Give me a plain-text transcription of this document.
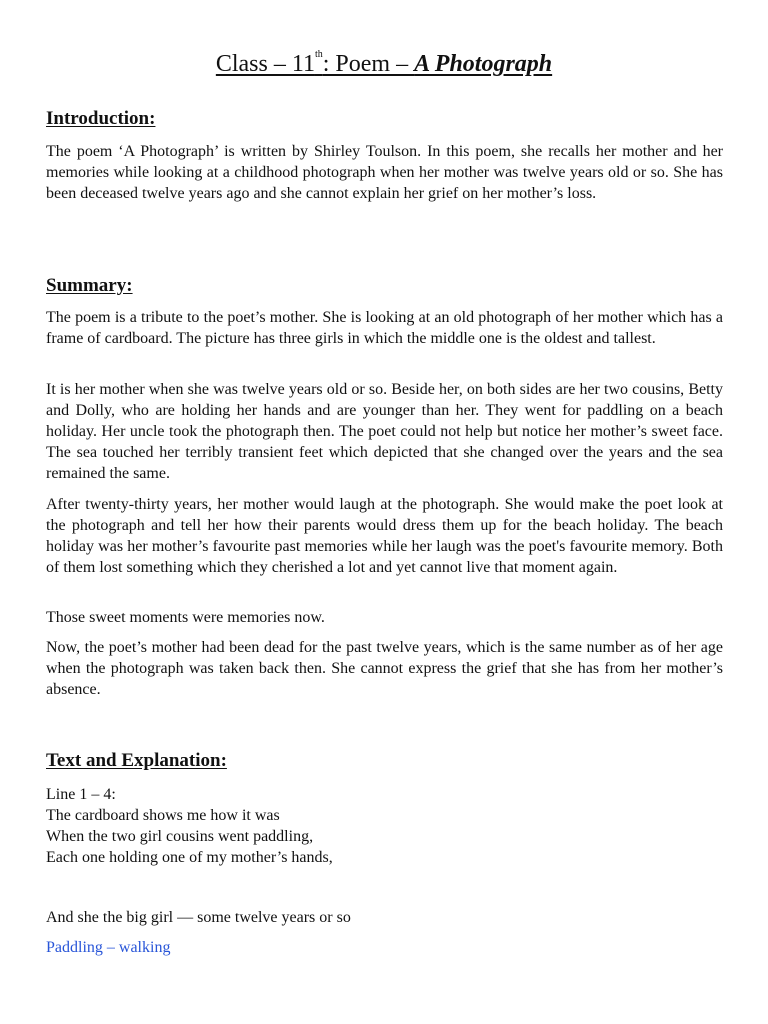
Class – 11th: Poem – A Photograph
Introduction:
The poem ‘A Photograph’ is written by Shirley Toulson. In this poem, she recalls her mother and her memories while looking at a childhood photograph when her mother was twelve years old or so. She has been deceased twelve years ago and she cannot explain her grief on her mother’s loss.
Summary:
The poem is a tribute to the poet’s mother. She is looking at an old photograph of her mother which has a frame of cardboard. The picture has three girls in which the middle one is the oldest and tallest.
It is her mother when she was twelve years old or so. Beside her, on both sides are her two cousins, Betty and Dolly, who are holding her hands and are younger than her. They went for paddling on a beach holiday. Her uncle took the photograph then. The poet could not help but notice her mother’s sweet face. The sea touched her terribly transient feet which depicted that she changed over the years and the sea remained the same.
After twenty-thirty years, her mother would laugh at the photograph. She would make the poet look at the photograph and tell her how their parents would dress them up for the beach holiday. The beach holiday was her mother’s favourite past memories while her laugh was the poet's favourite memory. Both of them lost something which they cherished a lot and yet cannot live that moment again.
Those sweet moments were memories now.
Now, the poet’s mother had been dead for the past twelve years, which is the same number as of her age when the photograph was taken back then. She cannot express the grief that she has from her mother’s absence.
Text and Explanation:
Line 1 – 4:
The cardboard shows me how it was
When the two girl cousins went paddling,
Each one holding one of my mother’s hands,
And she the big girl — some twelve years or so
Paddling – walking
